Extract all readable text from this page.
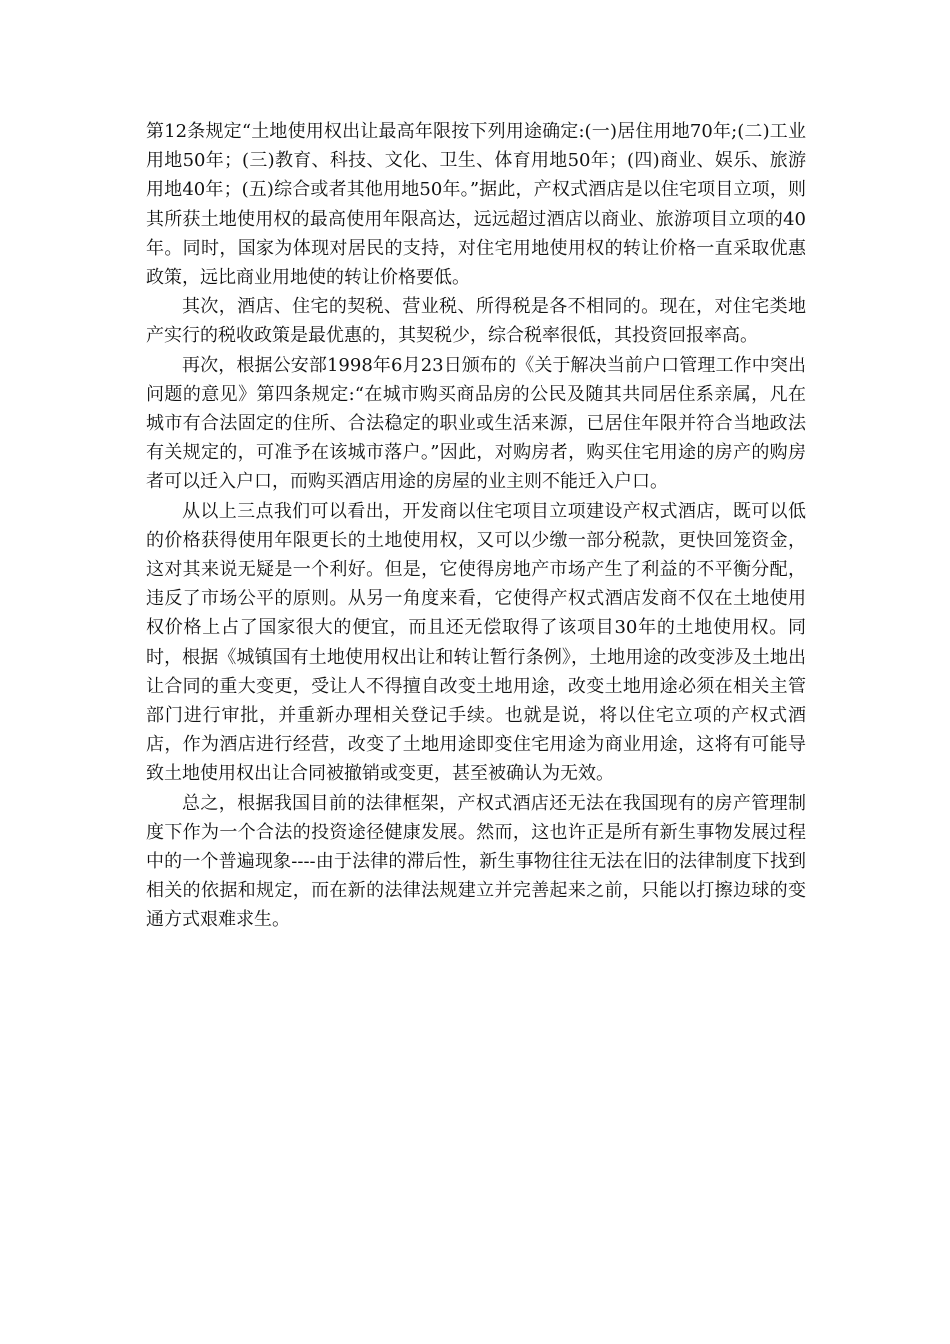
第12条规定“土地使用权出让最高年限按下列用途确定:(一)居住用地70年;(二)工业用地50年；(三)教育、科技、文化、卫生、体育用地50年；(四)商业、娱乐、旅游用地40年；(五)综合或者其他用地50年。”据此，产权式酒店是以住宅项目立项，则其所获土地使用权的最高使用年限高达，远远超过酒店以商业、旅游项目立项的40年。同时，国家为体现对居民的支持，对住宅用地使用权的转让价格一直采取优惠政策，远比商业用地使的转让价格要低。

其次，酒店、住宅的契税、营业税、所得税是各不相同的。现在，对住宅类地产实行的税收政策是最优惠的，其契税少，综合税率很低，其投资回报率高。

再次，根据公安部1998年6月23日颁布的《关于解决当前户口管理工作中突出问题的意见》第四条规定:“在城市购买商品房的公民及随其共同居住系亲属，凡在城市有合法固定的住所、合法稳定的职业或生活来源，已居住年限并符合当地政法有关规定的，可准予在该城市落户。”因此，对购房者，购买住宅用途的房产的购房者可以迁入户口，而购买酒店用途的房屋的业主则不能迁入户口。

从以上三点我们可以看出，开发商以住宅项目立项建设产权式酒店，既可以低的价格获得使用年限更长的土地使用权，又可以少缴一部分税款，更快回笼资金，这对其来说无疑是一个利好。但是，它使得房地产市场产生了利益的不平衡分配，违反了市场公平的原则。从另一角度来看，它使得产权式酒店发商不仅在土地使用权价格上占了国家很大的便宜，而且还无偿取得了该项目30年的土地使用权。同时，根据《城镇国有土地使用权出让和转让暂行条例》，土地用途的改变涉及土地出让合同的重大变更，受让人不得擅自改变土地用途，改变土地用途必须在相关主管部门进行审批，并重新办理相关登记手续。也就是说，将以住宅立项的产权式酒店，作为酒店进行经营，改变了土地用途即变住宅用途为商业用途，这将有可能导致土地使用权出让合同被撤销或变更，甚至被确认为无效。

总之，根据我国目前的法律框架，产权式酒店还无法在我国现有的房产管理制度下作为一个合法的投资途径健康发展。然而，这也许正是所有新生事物发展过程中的一个普遍现象----由于法律的滞后性，新生事物往往无法在旧的法律制度下找到相关的依据和规定，而在新的法律法规建立并完善起来之前，只能以打擦边球的变通方式艰难求生。
